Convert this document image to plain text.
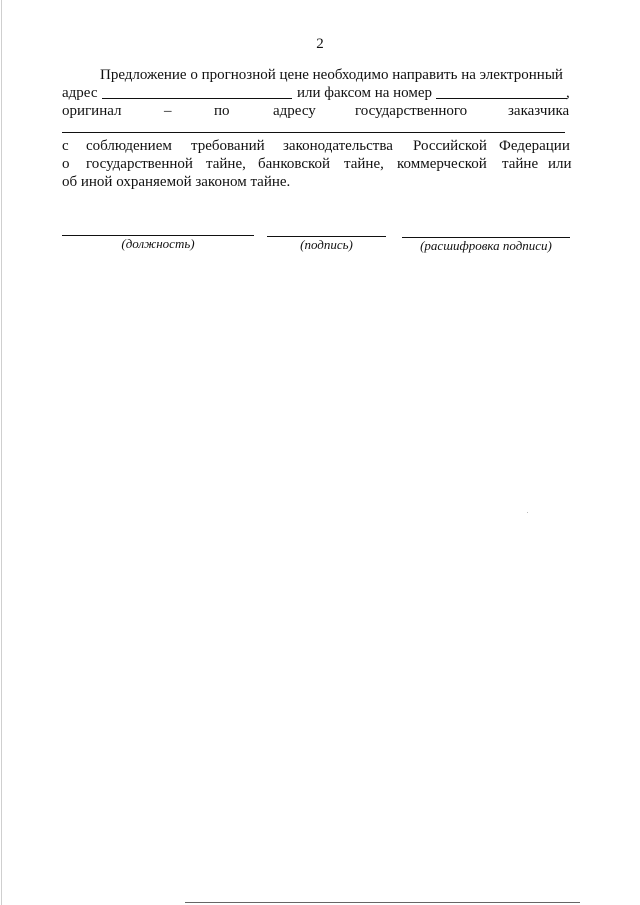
2
Предложение о прогнозной цене необходимо направить на электронный
адрес	или факсом на номер	,
оригинал	–	по	адресу	государственного	заказчика
с соблюдением требований законодательства Российской Федерации
о государственной тайне, банковской тайне, коммерческой тайне или
об иной охраняемой законом тайне.
(должность)	(подпись)	(расшифровка подписи)
